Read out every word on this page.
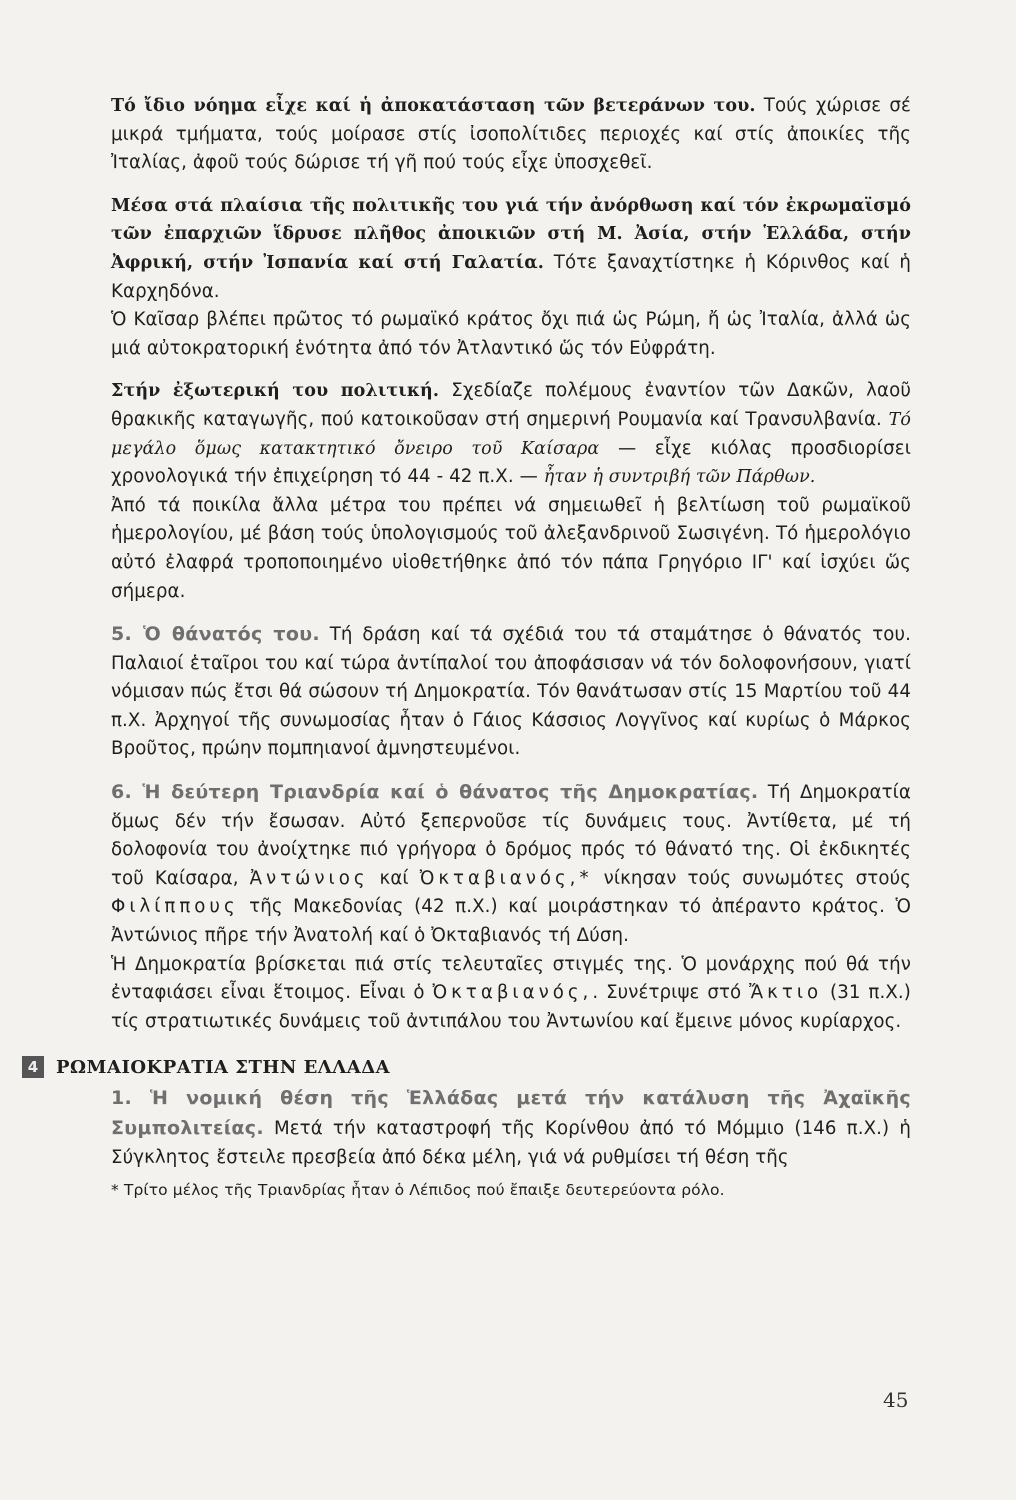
Τό ἴδιο νόημα εἶχε καί ἡ ἀποκατάσταση τῶν βετεράνων του. Τούς χώρισε σέ μικρά τμήματα, τούς μοίρασε στίς ἰσοπολίτιδες περιοχές καί στίς ἀποικίες τῆς Ἰταλίας, ἀφοῦ τούς δώρισε τή γῆ πού τούς εἶχε ὑποσχεθεῖ.

Μέσα στά πλαίσια τῆς πολιτικῆς του γιά τήν ἀνόρθωση καί τόν ἐκρωμαϊσμό τῶν ἐπαρχιῶν ἵδρυσε πλῆθος ἀποικιῶν στή Μ. Ἀσία, στήν Ἑλλάδα, στήν Ἀφρική, στήν Ἰσπανία καί στή Γαλατία. Τότε ξαναχτίστηκε ἡ Κόρινθος καί ἡ Καρχηδόνα.

Ὁ Καῖσαρ βλέπει πρῶτος τό ρωμαϊκό κράτος ὄχι πιά ὡς Ρώμη, ἤ ὡς Ἰταλία, ἀλλά ὡς μιά αὐτοκρατορική ἑνότητα ἀπό τόν Ἀτλαντικό ὥς τόν Εὐφράτη.

Στήν ἐξωτερική του πολιτική. Σχεδίαζε πολέμους ἐναντίον τῶν Δακῶν, λαοῦ θρακικῆς καταγωγῆς, πού κατοικοῦσαν στή σημερινή Ρουμανία καί Τρανσυλβανία. Τό μεγάλο ὅμως κατακτητικό ὄνειρο τοῦ Καίσαρα — εἶχε κιόλας προσδιορίσει χρονολογικά τήν ἐπιχείρηση τό 44 - 42 π.Χ. — ἦταν ἡ συντριβή τῶν Πάρθων.

Ἀπό τά ποικίλα ἄλλα μέτρα του πρέπει νά σημειωθεῖ ἡ βελτίωση τοῦ ρωμαϊκοῦ ἡμερολογίου, μέ βάση τούς ὑπολογισμούς τοῦ ἀλεξανδρινοῦ Σωσιγένη. Τό ἡμερολόγιο αὐτό ἐλαφρά τροποποιημένο υἱοθετήθηκε ἀπό τόν πάπα Γρηγόριο ΙΓ' καί ἰσχύει ὥς σήμερα.

5. Ὁ θάνατός του. Τή δράση καί τά σχέδιά του τά σταμάτησε ὁ θάνατός του. Παλαιοί ἑταῖροι του καί τώρα ἀντίπαλοί του ἀποφάσισαν νά τόν δολοφονήσουν, γιατί νόμισαν πώς ἔτσι θά σώσουν τή Δημοκρατία. Τόν θανάτωσαν στίς 15 Μαρτίου τοῦ 44 π.Χ. Ἀρχηγοί τῆς συνωμοσίας ἦταν ὁ Γάιος Κάσσιος Λογγῖνος καί κυρίως ὁ Μάρκος Βροῦτος, πρώην πομπηιανοί ἀμνηστευμένοι.

6. Ἡ δεύτερη Τριανδρία καί ὁ θάνατος τῆς Δημοκρατίας. Τή Δημοκρατία ὅμως δέν τήν ἔσωσαν. Αὐτό ξεπερνοῦσε τίς δυνάμεις τους. Ἀντίθετα, μέ τή δολοφονία του ἀνοίχτηκε πιό γρήγορα ὁ δρόμος πρός τό θάνατό της. Οἱ ἐκδικητές τοῦ Καίσαρα, Ἀντώνιος καί Ὀκταβιανός,* νίκησαν τούς συνωμότες στούς Φιλίππους τῆς Μακεδονίας (42 π.Χ.) καί μοιράστηκαν τό ἀπέραντο κράτος. Ὁ Ἀντώνιος πῆρε τήν Ἀνατολή καί ὁ Ὀκταβιανός τή Δύση.

Ἡ Δημοκρατία βρίσκεται πιά στίς τελευταῖες στιγμές της. Ὁ μονάρχης πού θά τήν ἐνταφιάσει εἶναι ἕτοιμος. Εἶναι ὁ Ὀκταβιανός,. Συνέτριψε στό Ἄκτιο (31 π.Χ.) τίς στρατιωτικές δυνάμεις τοῦ ἀντιπάλου του Ἀντωνίου καί ἔμεινε μόνος κυρίαρχος.

4 ΡΩΜΑΙΟΚΡΑΤΙΑ ΣΤΗΝ ΕΛΛΑΔΑ

1. Ἡ νομική θέση τῆς Ἑλλάδας μετά τήν κατάλυση τῆς Ἀχαϊκῆς Συμπολιτείας. Μετά τήν καταστροφή τῆς Κορίνθου ἀπό τό Μόμμιο (146 π.Χ.) ἡ Σύγκλητος ἔστειλε πρεσβεία ἀπό δέκα μέλη, γιά νά ρυθμίσει τή θέση τῆς

* Τρίτο μέλος τῆς Τριανδρίας ἦταν ὁ Λέπιδος πού ἔπαιξε δευτερεύοντα ρόλο.

45
